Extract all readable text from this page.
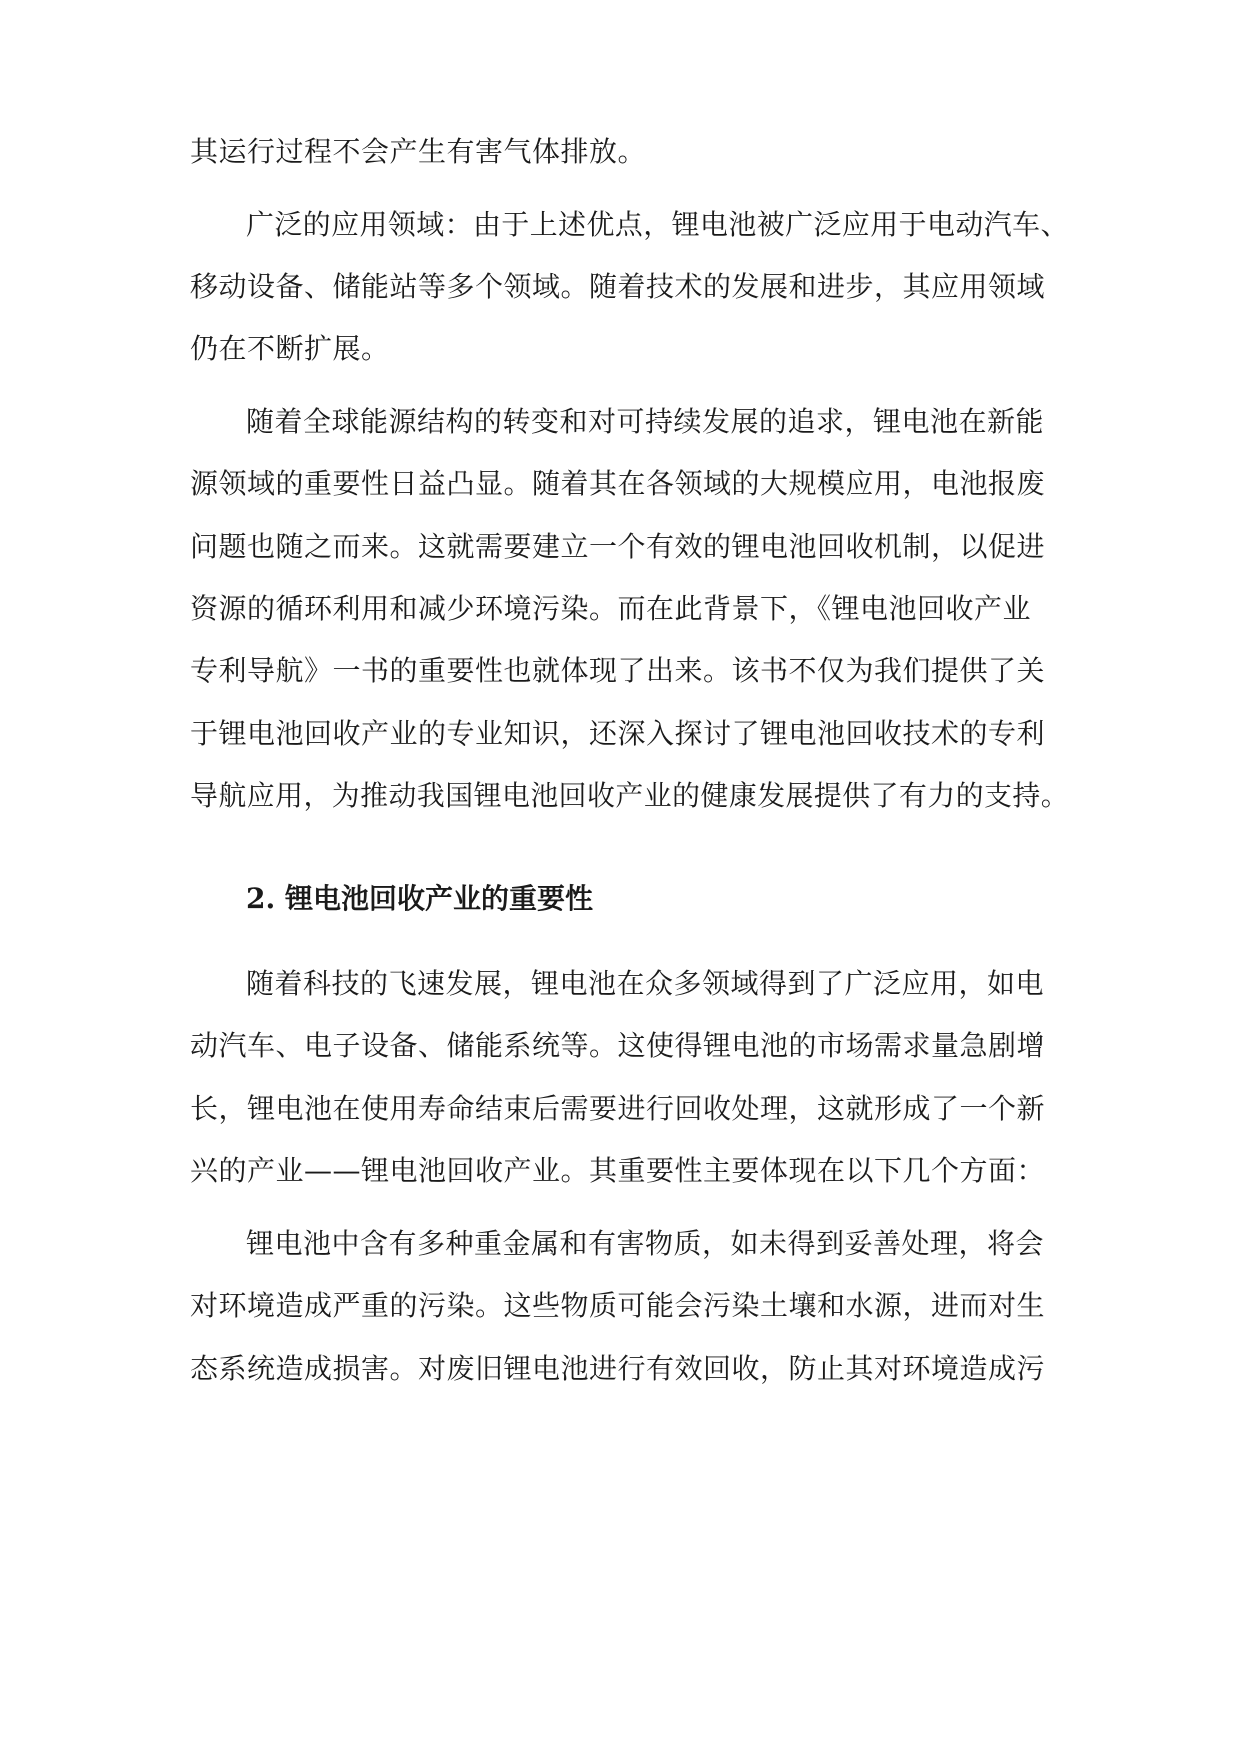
其运行过程不会产生有害气体排放。
广泛的应用领域：由于上述优点，锂电池被广泛应用于电动汽车、
移动设备、储能站等多个领域。随着技术的发展和进步，其应用领域
仍在不断扩展。
随着全球能源结构的转变和对可持续发展的追求，锂电池在新能
源领域的重要性日益凸显。随着其在各领域的大规模应用，电池报废
问题也随之而来。这就需要建立一个有效的锂电池回收机制，以促进
资源的循环利用和减少环境污染。而在此背景下，《锂电池回收产业
专利导航》一书的重要性也就体现了出来。该书不仅为我们提供了关
于锂电池回收产业的专业知识，还深入探讨了锂电池回收技术的专利
导航应用，为推动我国锂电池回收产业的健康发展提供了有力的支持。
2. 锂电池回收产业的重要性
随着科技的飞速发展，锂电池在众多领域得到了广泛应用，如电
动汽车、电子设备、储能系统等。这使得锂电池的市场需求量急剧增
长，锂电池在使用寿命结束后需要进行回收处理，这就形成了一个新
兴的产业——锂电池回收产业。其重要性主要体现在以下几个方面：
锂电池中含有多种重金属和有害物质，如未得到妥善处理，将会
对环境造成严重的污染。这些物质可能会污染土壤和水源，进而对生
态系统造成损害。对废旧锂电池进行有效回收，防止其对环境造成污
